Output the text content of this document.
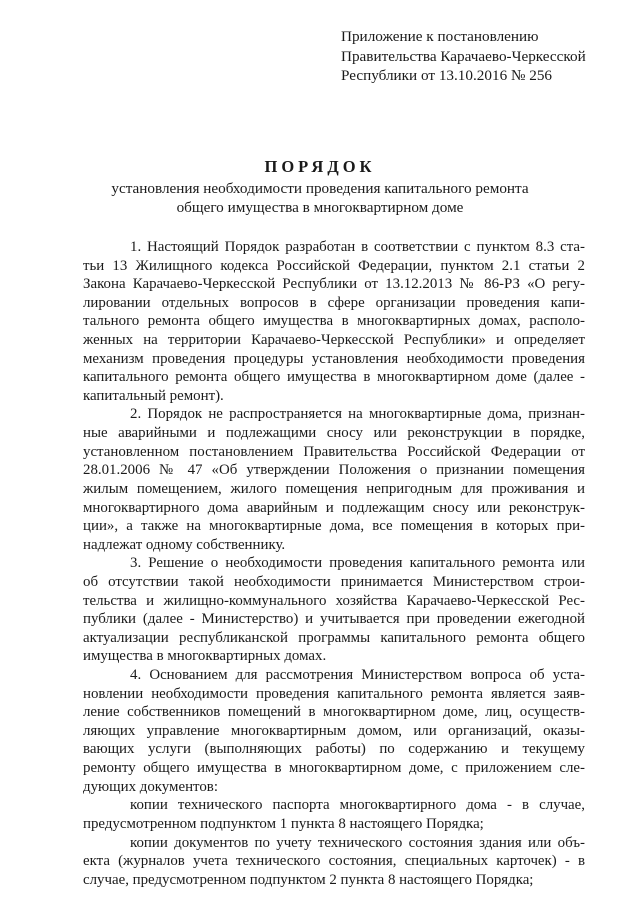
Приложение к постановлению
Правительства Карачаево-Черкесской
Республики от 13.10.2016 № 256
ПОРЯДОК
установления необходимости проведения капитального ремонта
общего имущества в многоквартирном доме
1. Настоящий Порядок разработан в соответствии с пунктом 8.3 ста-
тьи 13 Жилищного кодекса Российской Федерации, пунктом 2.1 статьи 2
Закона Карачаево-Черкесской Республики от 13.12.2013 № 86-РЗ «О регу-
лировании отдельных вопросов в сфере организации проведения капи-
тального ремонта общего имущества в многоквартирных домах, располо-
женных на территории Карачаево-Черкесской Республики» и определяет
механизм проведения процедуры установления необходимости проведения
капитального ремонта общего имущества в многоквартирном доме (далее -
капитальный ремонт).
2. Порядок не распространяется на многоквартирные дома, признан-
ные аварийными и подлежащими сносу или реконструкции в порядке,
установленном постановлением Правительства Российской Федерации от
28.01.2006 № 47 «Об утверждении Положения о признании помещения
жилым помещением, жилого помещения непригодным для проживания и
многоквартирного дома аварийным и подлежащим сносу или реконструк-
ции», а также на многоквартирные дома, все помещения в которых при-
надлежат одному собственнику.
3. Решение о необходимости проведения капитального ремонта или
об отсутствии такой необходимости принимается Министерством строи-
тельства и жилищно-коммунального хозяйства Карачаево-Черкесской Рес-
публики (далее - Министерство) и учитывается при проведении ежегодной
актуализации республиканской программы капитального ремонта общего
имущества в многоквартирных домах.
4. Основанием для рассмотрения Министерством вопроса об уста-
новлении необходимости проведения капитального ремонта является заяв-
ление собственников помещений в многоквартирном доме, лиц, осуществ-
ляющих управление многоквартирным домом, или организаций, оказы-
вающих услуги (выполняющих работы) по содержанию и текущему
ремонту общего имущества в многоквартирном доме, с приложением сле-
дующих документов:
копии технического паспорта многоквартирного дома - в случае,
предусмотренном подпунктом 1 пункта 8 настоящего Порядка;
копии документов по учету технического состояния здания или объ-
екта (журналов учета технического состояния, специальных карточек) - в
случае, предусмотренном подпунктом 2 пункта 8 настоящего Порядка;
